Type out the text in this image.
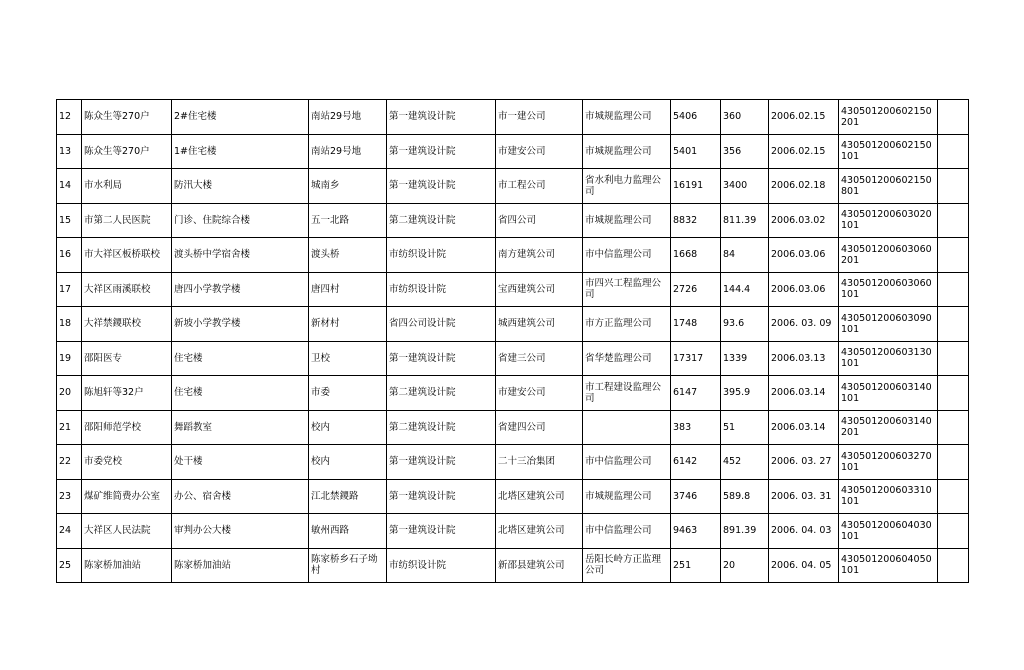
12	陈众生等270户	2#住宅楼	南站29号地	第一建筑设计院	市一建公司	市城规监理公司	5406	360	2006.02.15	430501200602150201	
13	陈众生等270户	1#住宅楼	南站29号地	第一建筑设计院	市建安公司	市城规监理公司	5401	356	2006.02.15	430501200602150101	
14	市水利局	防汛大楼	城南乡	第一建筑设计院	市工程公司	省水利电力监理公司	16191	3400	2006.02.18	430501200602150801	
15	市第二人民医院	门诊、住院综合楼	五一北路	第二建筑设计院	省四公司	市城规监理公司	8832	811.39	2006.03.02	430501200603020101	
16	市大祥区板桥联校	渡头桥中学宿舍楼	渡头桥	市纺织设计院	南方建筑公司	市中信监理公司	1668	84	2006.03.06	430501200603060201	
17	大祥区雨溪联校	唐四小学教学楼	唐四村	市纺织设计院	宝西建筑公司	市四兴工程监理公司	2726	144.4	2006.03.06	430501200603060101	
18	大祥禁鑁联校	新坡小学教学楼	新材村	省四公司设计院	城西建筑公司	市方正监理公司	1748	93.6	2006. 03. 09	430501200603090101	
19	邵阳医专	住宅楼	卫校	第一建筑设计院	省建三公司	省华楚监理公司	17317	1339	2006.03.13	430501200603130101	
20	陈旭轩等32户	住宅楼	市委	第二建筑设计院	市建安公司	市工程建设监理公司	6147	395.9	2006.03.14	430501200603140101	
21	邵阳师范学校	舞蹈教室	校内	第二建筑设计院	省建四公司		383	51	2006.03.14	430501200603140201	
22	市委党校	处干楼	校内	第一建筑设计院	二十三冶集团	市中信监理公司	6142	452	2006. 03. 27	430501200603270101	
23	煤矿维简费办公室	办公、宿舍楼	江北禁鑁路	第一建筑设计院	北塔区建筑公司	市城规监理公司	3746	589.8	2006. 03. 31	430501200603310101	
24	大祥区人民法院	审判办公大楼	敏州西路	第一建筑设计院	北塔区建筑公司	市中信监理公司	9463	891.39	2006. 04. 03	430501200604030101	
25	陈家桥加油站	陈家桥加油站	陈家桥乡石子坳村	市纺织设计院	新邵县建筑公司	岳阳长岭方正监理公司	251	20	2006. 04. 05	430501200604050101	
